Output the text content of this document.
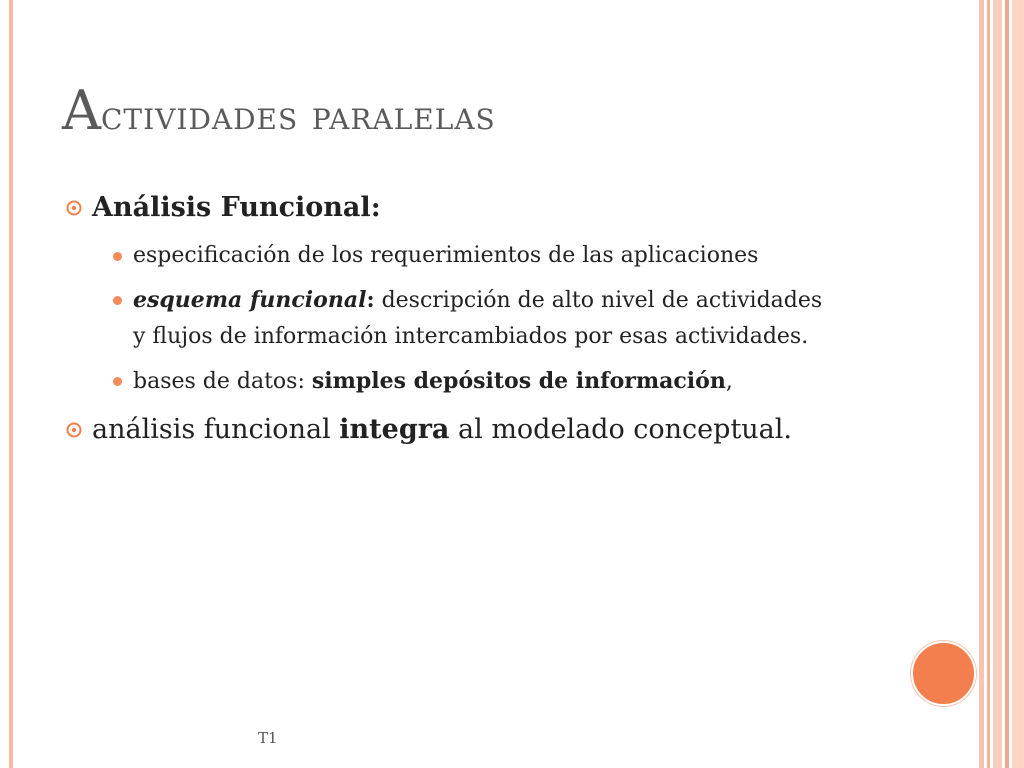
Actividades paralelas
Análisis Funcional:
especificación de los requerimientos de las aplicaciones
esquema funcional: descripción de alto nivel de actividades y flujos de información intercambiados por esas actividades.
bases de datos: simples depósitos de información,
análisis funcional integra al modelado conceptual.
T1
